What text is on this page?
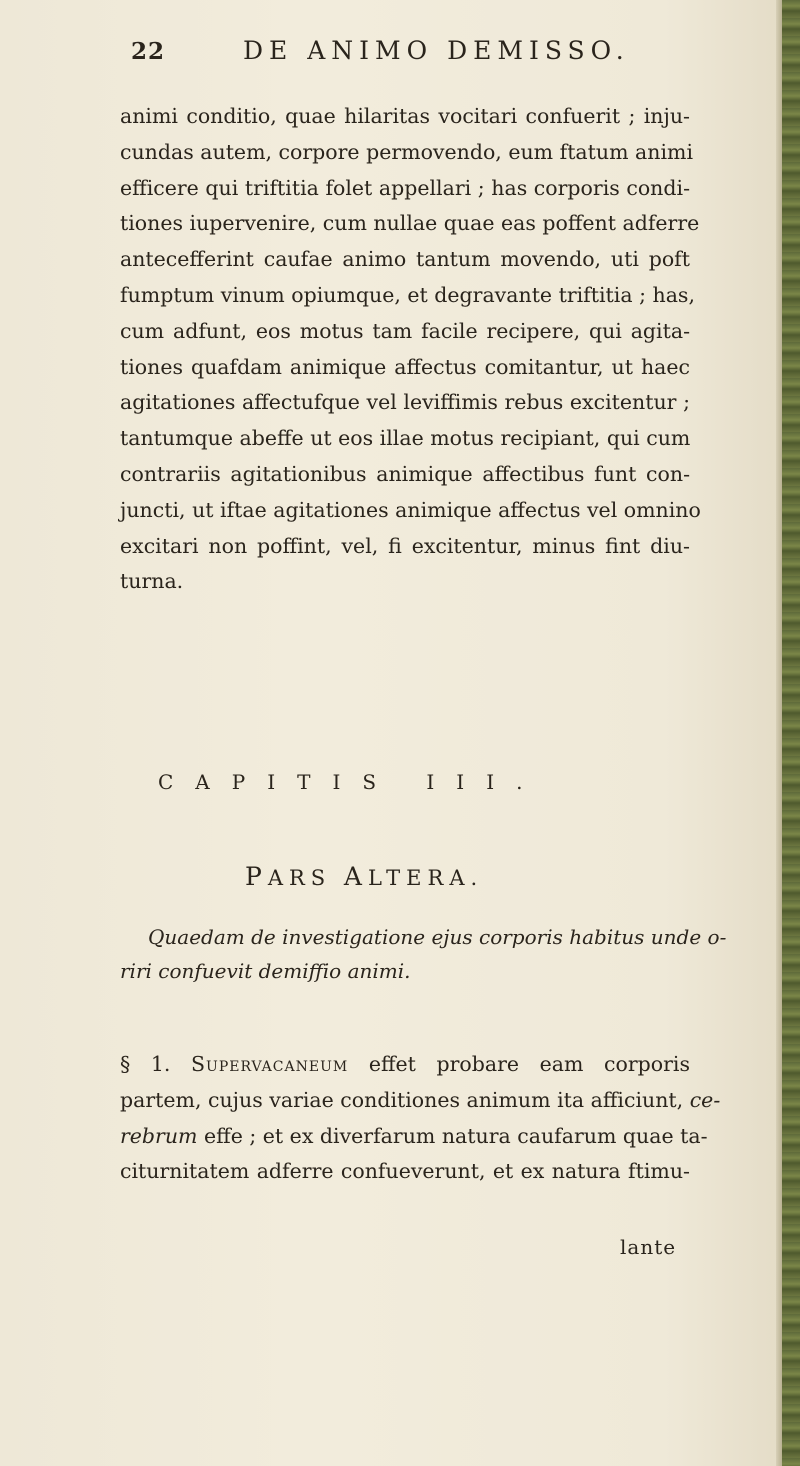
22	DE ANIMO DEMISSO.
animi conditio, quae hilaritas vocitari confuerit ; inju-
cundas autem, corpore permovendo, eum ftatum animi
efficere qui triftitia folet appellari ; has corporis condi-
tiones iupervenire, cum nullae quae eas poffent adferre
antecefferint caufae animo tantum movendo, uti poft
fumptum vinum opiumque, et degravante triftitia ; has,
cum adfunt, eos motus tam facile recipere, qui agita-
tiones quafdam animique affectus comitantur, ut haec
agitationes affectufque vel leviffimis rebus excitentur ;
tantumque abeffe ut eos illae motus recipiant, qui cum
contrariis agitationibus animique affectibus funt con-
juncti, ut iftae agitationes animique affectus vel omnino
excitari non poffint, vel, fi excitentur, minus fint diu-
turna.
CAPITIS III.
PARS ALTERA.
Quaedam de investigatione ejus corporis habitus unde o-
riri confuevit demiffio animi.
§ 1. Supervacaneum effet probare eam corporis
partem, cujus variae conditiones animum ita afficiunt, ce-
rebrum effe ; et ex diverfarum natura caufarum quae ta-
citurnitatem adferre confueverunt, et ex natura ftimu-
lante
